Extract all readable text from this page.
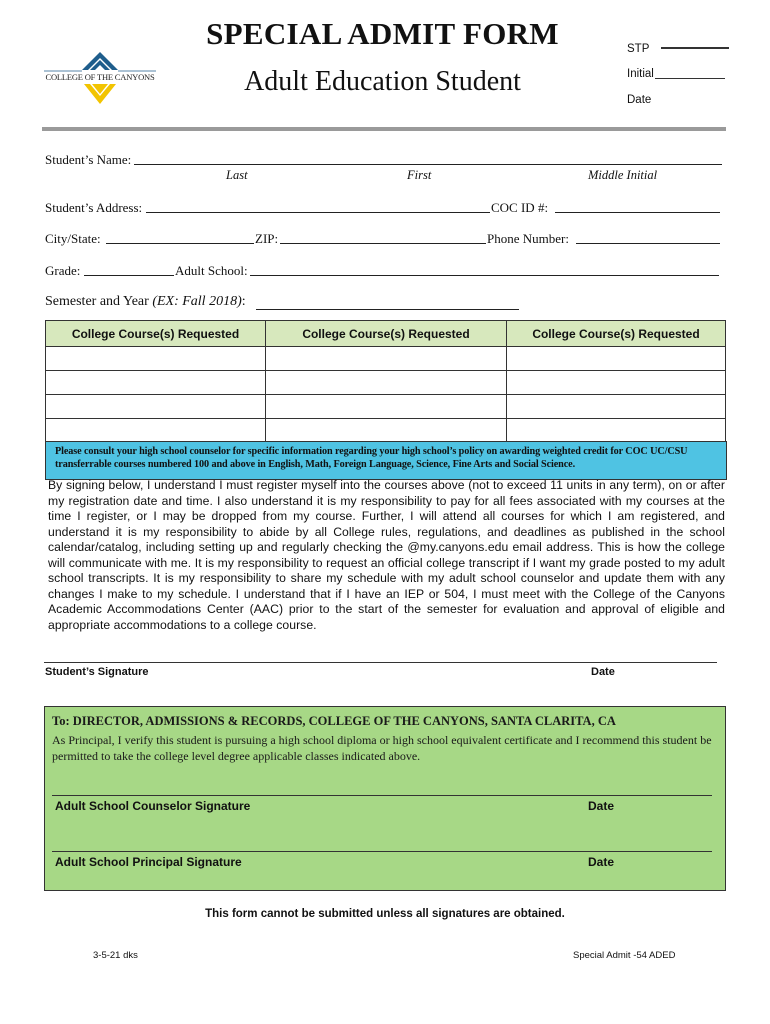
COLLEGE OF THE CANYONS
SPECIAL ADMIT FORM
Adult Education Student
STP
Initial
Date
Student’s Name:
Last	First	Middle Initial
Student’s Address:	COC ID #:
City/State:	ZIP:	Phone Number:
Grade:	Adult School:
Semester and Year (EX: Fall 2018):
College Course(s) Requested	College Course(s) Requested	College Course(s) Requested

Please consult your high school counselor for specific information regarding your high school’s policy on awarding weighted credit for COC UC/CSU transferrable courses numbered 100 and above in English, Math, Foreign Language, Science, Fine Arts and Social Science.
By signing below, I understand I must register myself into the courses above (not to exceed 11 units in any term), on or after my registration date and time. I also understand it is my responsibility to pay for all fees associated with my courses at the time I register, or I may be dropped from my course. Further, I will attend all courses for which I am registered, and understand it is my responsibility to abide by all College rules, regulations, and deadlines as published in the school calendar/catalog, including setting up and regularly checking the @my.canyons.edu email address. This is how the college will communicate with me. It is my responsibility to request an official college transcript if I want my grade posted to my adult school transcripts. It is my responsibility to share my schedule with my adult school counselor and update them with any changes I make to my schedule. I understand that if I have an IEP or 504, I must meet with the College of the Canyons Academic Accommodations Center (AAC) prior to the start of the semester for evaluation and approval of eligible and appropriate accommodations to a college course.
Student’s Signature	Date
To: DIRECTOR, ADMISSIONS & RECORDS, COLLEGE OF THE CANYONS, SANTA CLARITA, CA
As Principal, I verify this student is pursuing a high school diploma or high school equivalent certificate and I recommend this student be permitted to take the college level degree applicable classes indicated above.
Adult School Counselor Signature	Date
Adult School Principal Signature	Date
This form cannot be submitted unless all signatures are obtained.
3-5-21 dks	Special Admit -54 ADED
